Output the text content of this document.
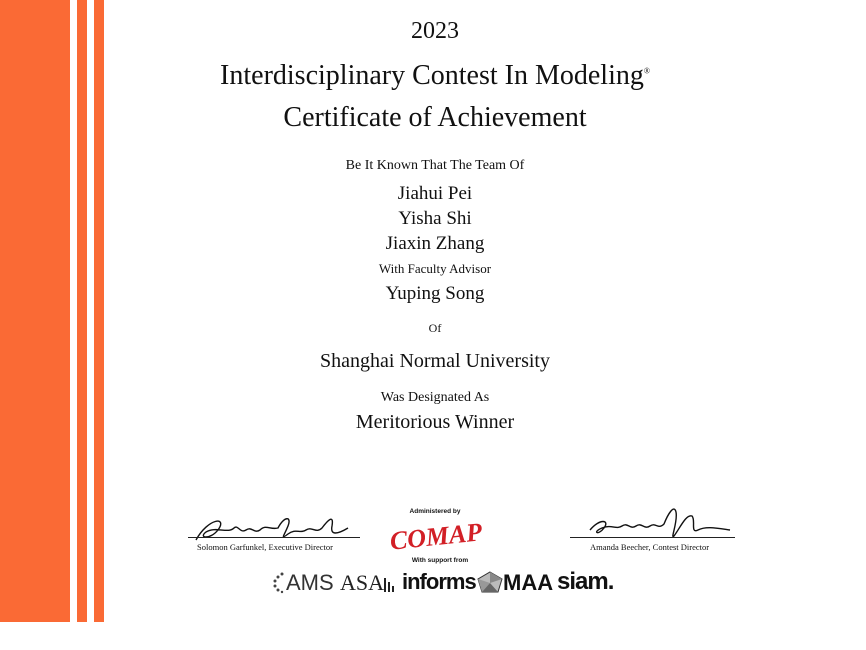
2023
Interdisciplinary Contest In Modeling®
Certificate of Achievement
Be It Known That The Team Of
Jiahui Pei
Yisha Shi
Jiaxin Zhang
With Faculty Advisor
Yuping Song
Of
Shanghai Normal University
Was Designated As
Meritorious Winner
Solomon Garfunkel, Executive Director	Amanda Beecher, Contest Director
Administered by
COMAP
With support from
AMS ASA informs	MAA siam.
